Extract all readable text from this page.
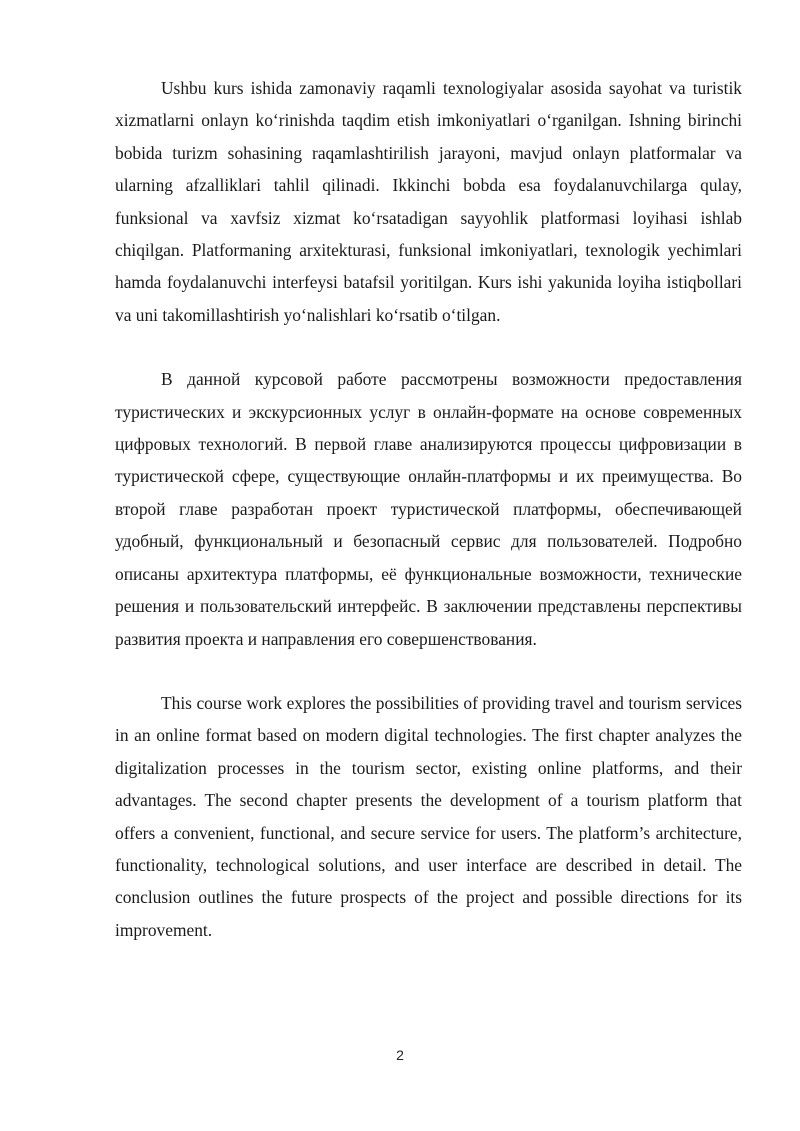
Ushbu kurs ishida zamonaviy raqamli texnologiyalar asosida sayohat va turistik xizmatlarni onlayn koʻrinishda taqdim etish imkoniyatlari oʻrganilgan. Ishning birinchi bobida turizm sohasining raqamlashtirilish jarayoni, mavjud onlayn platformalar va ularning afzalliklari tahlil qilinadi. Ikkinchi bobda esa foydalanuvchilarga qulay, funksional va xavfsiz xizmat koʻrsatadigan sayyohlik platformasi loyihasi ishlab chiqilgan. Platformaning arxitekturasi, funksional imkoniyatlari, texnologik yechimlari hamda foydalanuvchi interfeysi batafsil yoritilgan. Kurs ishi yakunida loyiha istiqbollari va uni takomillashtirish yoʻnalishlari koʻrsatib oʻtilgan.

В данной курсовой работе рассмотрены возможности предоставления туристических и экскурсионных услуг в онлайн-формате на основе современных цифровых технологий. В первой главе анализируются процессы цифровизации в туристической сфере, существующие онлайн-платформы и их преимущества. Во второй главе разработан проект туристической платформы, обеспечивающей удобный, функциональный и безопасный сервис для пользователей. Подробно описаны архитектура платформы, её функциональные возможности, технические решения и пользовательский интерфейс. В заключении представлены перспективы развития проекта и направления его совершенствования.

This course work explores the possibilities of providing travel and tourism services in an online format based on modern digital technologies. The first chapter analyzes the digitalization processes in the tourism sector, existing online platforms, and their advantages. The second chapter presents the development of a tourism platform that offers a convenient, functional, and secure service for users. The platform’s architecture, functionality, technological solutions, and user interface are described in detail. The conclusion outlines the future prospects of the project and possible directions for its improvement.

2
